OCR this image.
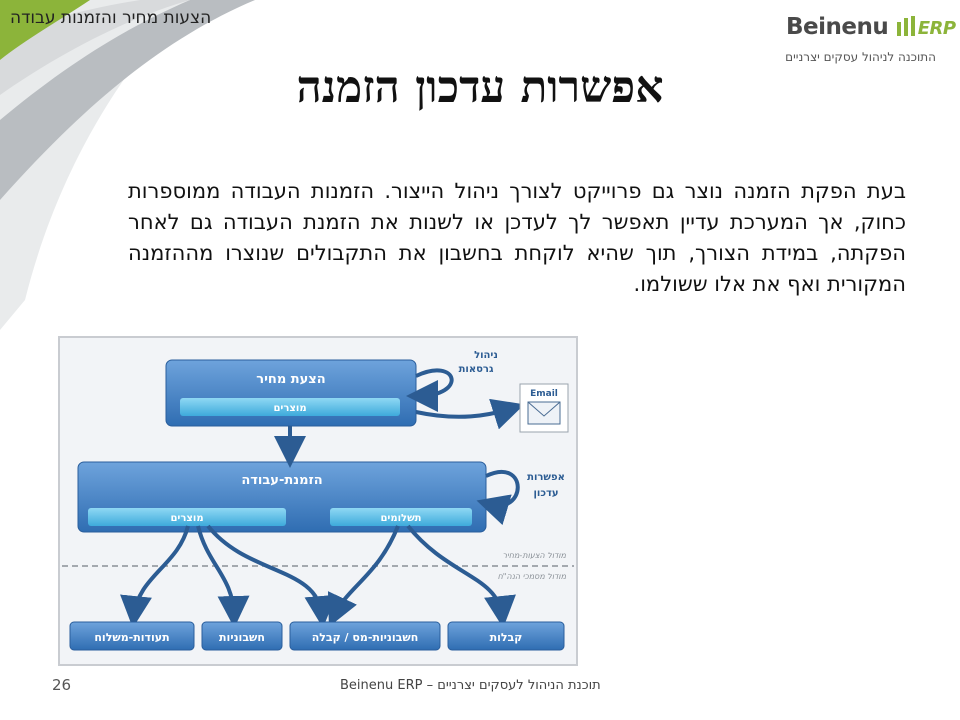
הצעות מחיר והזמנות עבודה	Beinenu ERP
התוכנה לניהול עסקים יצרניים
אפשרות עדכון הזמנה
בעת הפקת הזמנה נוצר גם פרוייקט לצורך ניהול הייצור. הזמנות העבודה ממוספרות כחוק, אך המערכת עדיין תאפשר לך לעדכן או לשנות את הזמנת העבודה גם לאחר הפקתה, במידת הצורך, תוך שהיא לוקחת בחשבון את התקבולים שנוצרו מההזמנה המקורית ואף את אלו ששולמו.
הצעת מחיר
מוצרים
הזמנת-עבודה
מוצרים	תשלומים
ניהול
גרסאות
Email
אפשרות
עדכון
מודול הצעות-מחיר
מודול מסמכי הנה"ח
תעודות-משלוח	חשבוניות	חשבוניות-מס / קבלה	קבלות
26	תוכנת הניהול לעסקים יצרניים – Beinenu ERP
